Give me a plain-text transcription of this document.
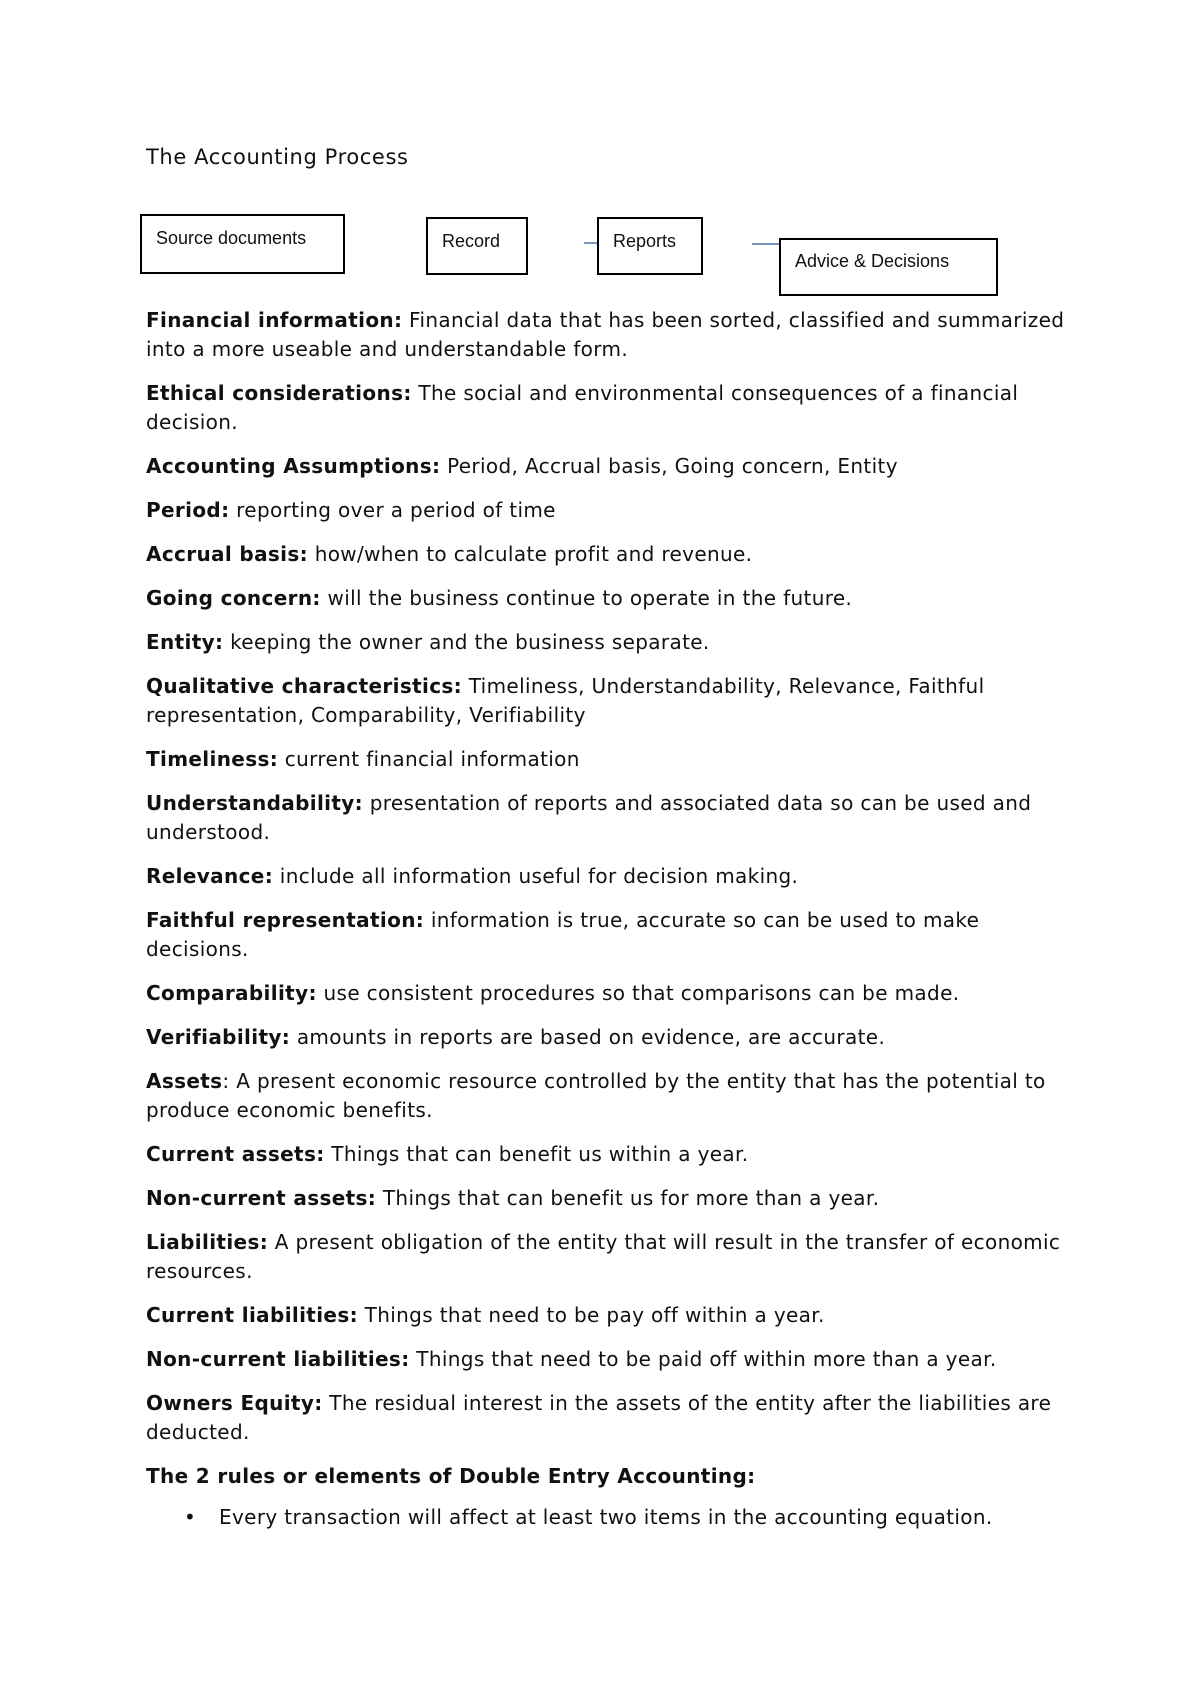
The Accounting Process
Source documents	Record	Reports
Advice & Decisions

Financial information: Financial data that has been sorted, classified and summarized into a more useable and understandable form.

Ethical considerations: The social and environmental consequences of a financial decision.

Accounting Assumptions: Period, Accrual basis, Going concern, Entity

Period: reporting over a period of time

Accrual basis: how/when to calculate profit and revenue.

Going concern: will the business continue to operate in the future.

Entity: keeping the owner and the business separate.

Qualitative characteristics: Timeliness, Understandability, Relevance, Faithful representation, Comparability, Verifiability

Timeliness: current financial information

Understandability: presentation of reports and associated data so can be used and understood.

Relevance: include all information useful for decision making.

Faithful representation: information is true, accurate so can be used to make decisions.

Comparability: use consistent procedures so that comparisons can be made.

Verifiability: amounts in reports are based on evidence, are accurate.

Assets: A present economic resource controlled by the entity that has the potential to produce economic benefits.

Current assets: Things that can benefit us within a year.

Non-current assets: Things that can benefit us for more than a year.

Liabilities: A present obligation of the entity that will result in the transfer of economic resources.

Current liabilities: Things that need to be pay off within a year.

Non-current liabilities: Things that need to be paid off within more than a year.

Owners Equity: The residual interest in the assets of the entity after the liabilities are deducted.

The 2 rules or elements of Double Entry Accounting:

• Every transaction will affect at least two items in the accounting equation.
